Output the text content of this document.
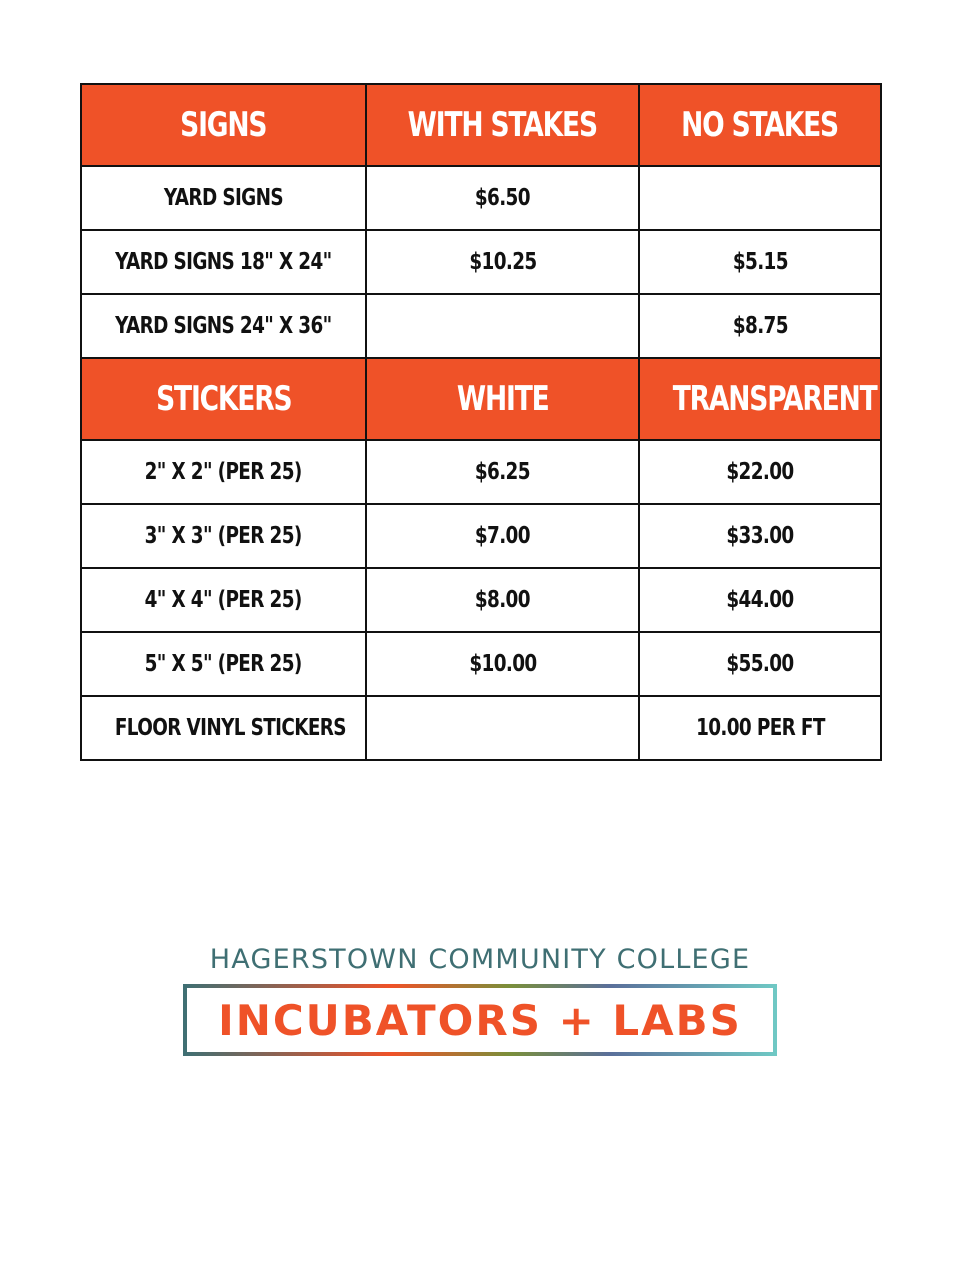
SIGNS	WITH STAKES	NO STAKES
YARD SIGNS	$6.50	
YARD SIGNS 18" X 24"	$10.25	$5.15
YARD SIGNS 24" X 36"		$8.75
STICKERS	WHITE	TRANSPARENT
2" X 2" (PER 25)	$6.25	$22.00
3" X 3" (PER 25)	$7.00	$33.00
4" X 4" (PER 25)	$8.00	$44.00
5" X 5" (PER 25)	$10.00	$55.00
FLOOR VINYL STICKERS		10.00 PER FT
HAGERSTOWN COMMUNITY COLLEGE
INCUBATORS + LABS
